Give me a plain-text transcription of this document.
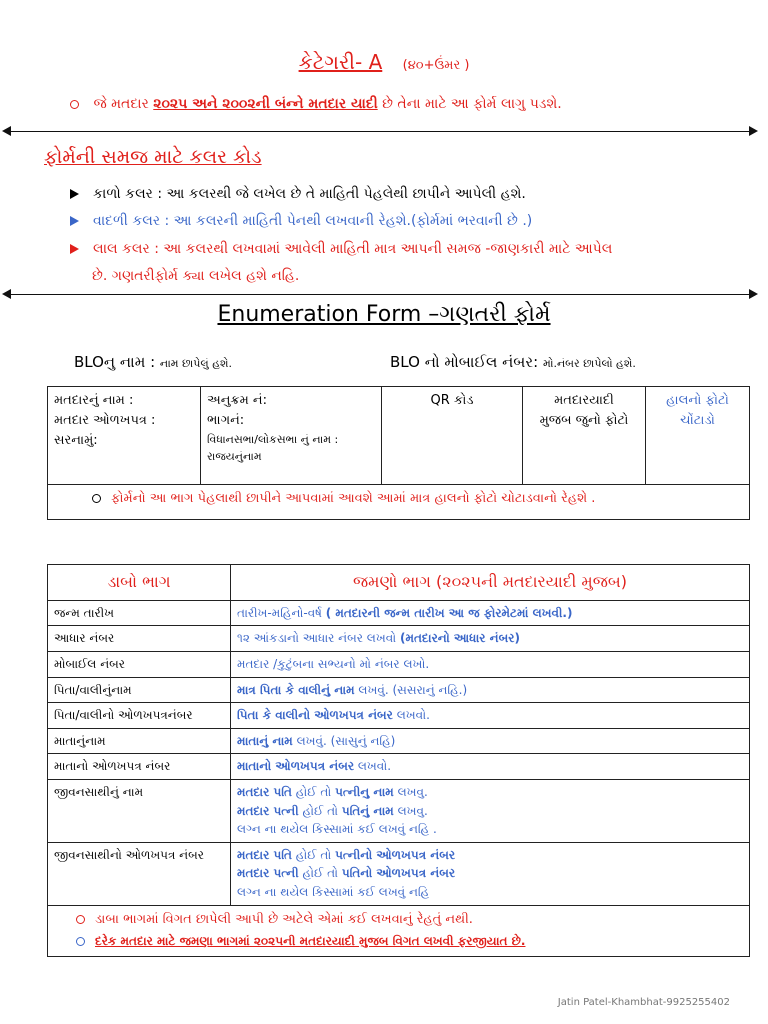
કેટેગરી- A (૪૦+ઉંમર )
જે મતદાર ૨૦૨૫ અને ૨૦૦૨ની બંન્ને મતદાર યાદી છે તેના માટે આ ફોર્મ લાગુ પડશે.
ફોર્મની સમજ માટે કલર કોડ
કાળો કલર : આ કલરથી જે લખેલ છે તે માહિતી પેહલેથી છાપીને આપેલી હશે.
વાદળી કલર : આ કલરની માહિતી પેનથી લખવાની રેહશે.(ફોર્મમાં ભરવાની છે .)
લાલ કલર : આ કલરથી લખવામાં આવેલી માહિતી માત્ર આપની સમજ -જાણકારી માટે આપેલ
છે. ગણતરીફોર્મ ક્યા લખેલ હશે નહિ.
Enumeration Form –ગણતરી ફોર્મ
BLOનુ નામ : નામ છાપેલું હશે.	BLO નો મોબાઈલ નંબર: મો.નંબર છાપેલો હશે.
મતદારનું નામ :
મતદાર ઓળખપત્ર :
સરનામું:

અનુક્રમ નં:
ભાગનં:
વિધાનસભા/લોકસભા નું નામ :
રાજયનુંનામ

QR કોડ	મતદારયાદી
મુજબ જુનો ફોટો

હાલનો ફોટો
ચોંટાડો

ફોર્મનો આ ભાગ પેહલાથી છાપીને આપવામાં આવશે આમાં માત્ર હાલનો ફોટો ચોટાડવાનો રેહશે .
ડાબો ભાગ	જમણો ભાગ (૨૦૨૫ની મતદારયાદી મુજબ)
જન્મ તારીખ	તારીખ-મહિનો-વર્ષ ( મતદારની જન્મ તારીખ આ જ ફોરમેટમાં લખવી.)
આધાર નંબર	૧૨ આંકડાનો આધાર નંબર લખવો (મતદારનો આધાર નંબર)
મોબાઈલ નંબર	મતદાર /કુટુંબના સભ્યનો મો નંબર લખો.
પિતા/વાલીનુંનામ	માત્ર પિતા કે વાલીનું નામ લખવું. (સસરાનું નહિ.)
પિતા/વાલીનો ઓળખપત્રનંબર	પિતા કે વાલીનો ઓળખપત્ર નંબર લખવો.
માતાનુંનામ	માતાનું નામ લખવું. (સાસુનું નહિ)
માતાનો ઓળખપત્ર નંબર	માતાનો ઓળખપત્ર નંબર લખવો.
જીવનસાથીનું નામ	મતદાર પતિ હોઈ તો પત્નીનુ નામ લખવુ.
મતદાર પત્ની હોઈ તો પતિનું નામ લખવુ.
લગ્ન ના થયેલ કિસ્સામાં કઈ લખવું નહિ .

જીવનસાથીનો ઓળખપત્ર નંબર	મતદાર પતિ હોઈ તો પત્નીનો ઓળખપત્ર નંબર
મતદાર પત્ની હોઈ તો પતિનો ઓળખપત્ર નંબર
લગ્ન ના થયેલ કિસ્સામાં કઈ લખવું નહિ

ડાબા ભાગમાં વિગત છાપેલી આપી છે અટેલે એમાં કઈ લખવાનું રેહતું નથી.
દરેક મતદાર માટે જમણા ભાગમાં ૨૦૨૫ની મતદારયાદી મુજબ વિગત લખવી ફરજીયાત છે.	
Jatin Patel-Khambhat-9925255402
